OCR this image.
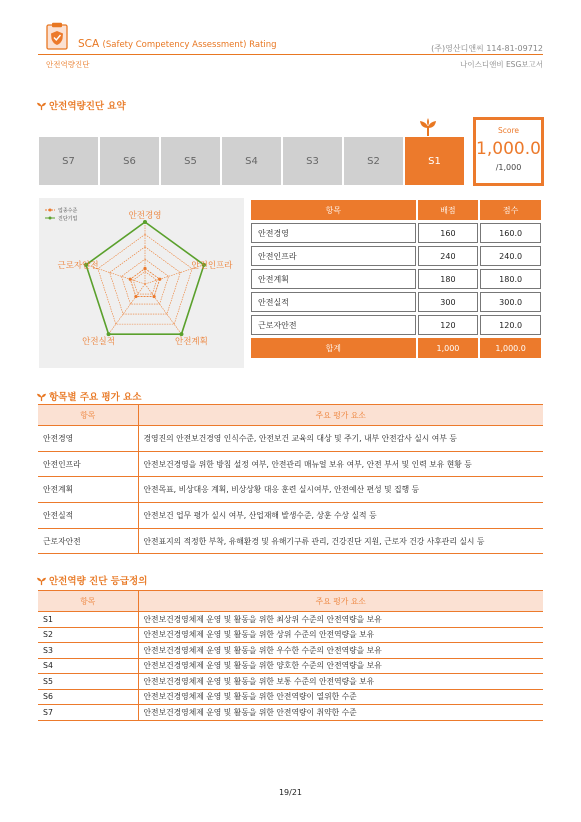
SCA (Safety Competency Assessment) Rating	(주)영산디앤씨 114-81-09712
안전역량진단	나이스디앤비 ESG보고서
안전역량진단 요약
S7	S6	S5	S4	S3	S2	S1
Score
1,000.0
/1,000
업종수준
진단기업	안전경영
안전인프라
안전계획
안전실적
근로자안전
항목	배점	점수
안전경영	160	160.0
안전인프라	240	240.0
안전계획	180	180.0
안전실적	300	300.0
근로자안전	120	120.0
합계	1,000	1,000.0
항목별 주요 평가 요소
항목	주요 평가 요소
안전경영	경영진의 안전보건경영 인식수준, 안전보건 교육의 대상 및 주기, 내부 안전감사 실시 여부 등
안전인프라	안전보건경영을 위한 방침 설정 여부, 안전관리 매뉴얼 보유 여부, 안전 부서 및 인력 보유 현황 등
안전계획	안전목표, 비상대응 계획, 비상상황 대응 훈련 실시여부, 안전예산 편성 및 집행 등
안전실적	안전보건 업무 평가 실시 여부, 산업재해 발생수준, 상훈 수상 실적 등
근로자안전	안전표지의 적정한 부착, 유해환경 및 유해기구류 관리, 건강진단 지원, 근로자 건강 사후관리 실시 등
안전역량 진단 등급정의
항목	주요 평가 요소
S1	안전보건경영체제 운영 및 활동을 위한 최상위 수준의 안전역량을 보유
S2	안전보건경영체제 운영 및 활동을 위한 상위 수준의 안전역량을 보유
S3	안전보건경영체제 운영 및 활동을 위한 우수한 수준의 안전역량을 보유
S4	안전보건경영체제 운영 및 활동을 위한 양호한 수준의 안전역량을 보유
S5	안전보건경영체제 운영 및 활동을 위한 보통 수준의 안전역량을 보유
S6	안전보건경영체제 운영 및 활동을 위한 안전역량이 열위한 수준
S7	안전보건경영체제 운영 및 활동을 위한 안전역량이 취약한 수준
19/21
